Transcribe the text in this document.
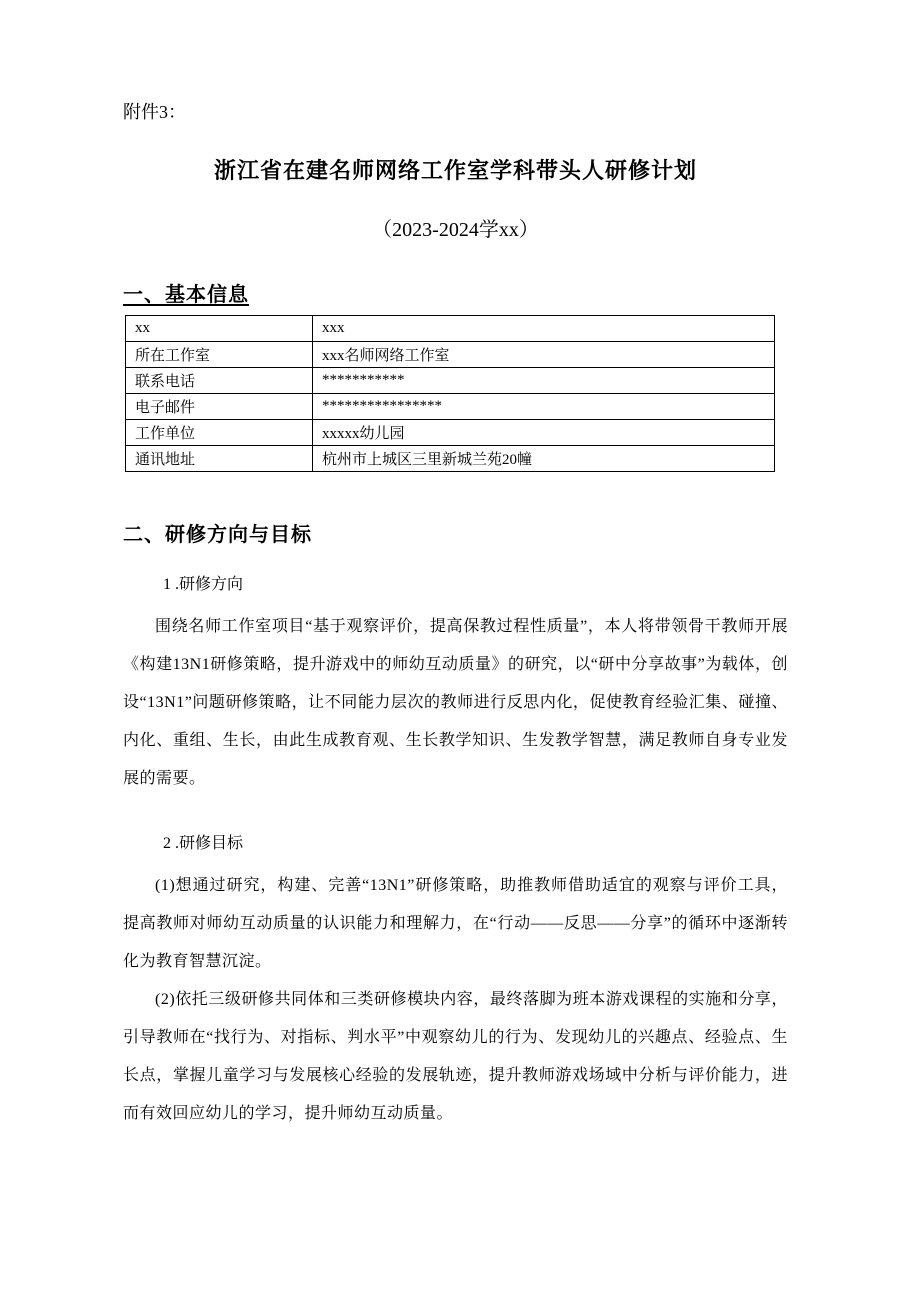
附件3：
浙江省在建名师网络工作室学科带头人研修计划
（2023-2024学xx）
一、基本信息
xx	xxx
所在工作室	xxx名师网络工作室
联系电话	***********
电子邮件	****************
工作单位	xxxxx幼儿园
通讯地址	杭州市上城区三里新城兰苑20幢
二、研修方向与目标
1 .研修方向

围绕名师工作室项目“基于观察评价，提高保教过程性质量”，本人将带领骨干教师开展《构建13N1研修策略，提升游戏中的师幼互动质量》的研究，以“研中分享故事”为载体，创设“13N1”问题研修策略，让不同能力层次的教师进行反思内化，促使教育经验汇集、碰撞、内化、重组、生长，由此生成教育观、生长教学知识、生发教学智慧，满足教师自身专业发展的需要。

2 .研修目标

(1)想通过研究，构建、完善“13N1”研修策略，助推教师借助适宜的观察与评价工具，提高教师对师幼互动质量的认识能力和理解力，在“行动——反思——分享”的循环中逐渐转化为教育智慧沉淀。

(2)依托三级研修共同体和三类研修模块内容，最终落脚为班本游戏课程的实施和分享，引导教师在“找行为、对指标、判水平”中观察幼儿的行为、发现幼儿的兴趣点、经验点、生长点，掌握儿童学习与发展核心经验的发展轨迹，提升教师游戏场域中分析与评价能力，进而有效回应幼儿的学习，提升师幼互动质量。
